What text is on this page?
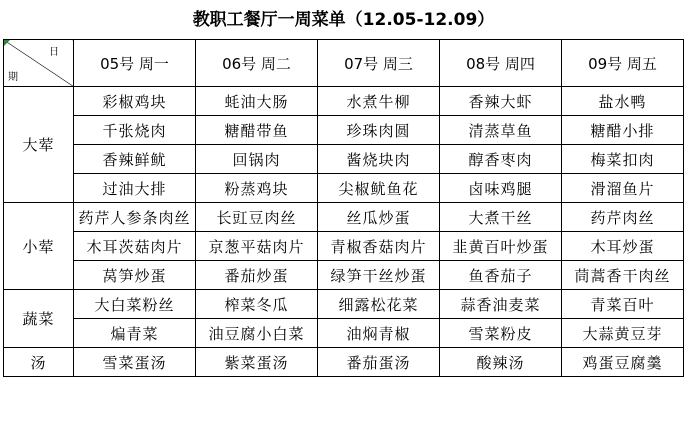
教职工餐厅一周菜单（12.05-12.09）
日
期	05号 周一	06号 周二	07号 周三	08号 周四	09号 周五
大荤	彩椒鸡块	蚝油大肠	水煮牛柳	香辣大虾	盐水鸭
	千张烧肉	糖醋带鱼	珍珠肉圆	清蒸草鱼	糖醋小排
	香辣鲜鱿	回锅肉	酱烧块肉	醇香枣肉	梅菜扣肉
	过油大排	粉蒸鸡块	尖椒鱿鱼花	卤味鸡腿	滑溜鱼片
小荤	药芹人参条肉丝	长豇豆肉丝	丝瓜炒蛋	大煮干丝	药芹肉丝
	木耳茨菇肉片	京葱平菇肉片	青椒香菇肉片	韭黄百叶炒蛋	木耳炒蛋
	莴笋炒蛋	番茄炒蛋	绿笋干丝炒蛋	鱼香茄子	茼蒿香干肉丝
蔬菜	大白菜粉丝	榨菜冬瓜	细露松花菜	蒜香油麦菜	青菜百叶
	煸青菜	油豆腐小白菜	油焖青椒	雪菜粉皮	大蒜黄豆芽
汤	雪菜蛋汤	紫菜蛋汤	番茄蛋汤	酸辣汤	鸡蛋豆腐羹
